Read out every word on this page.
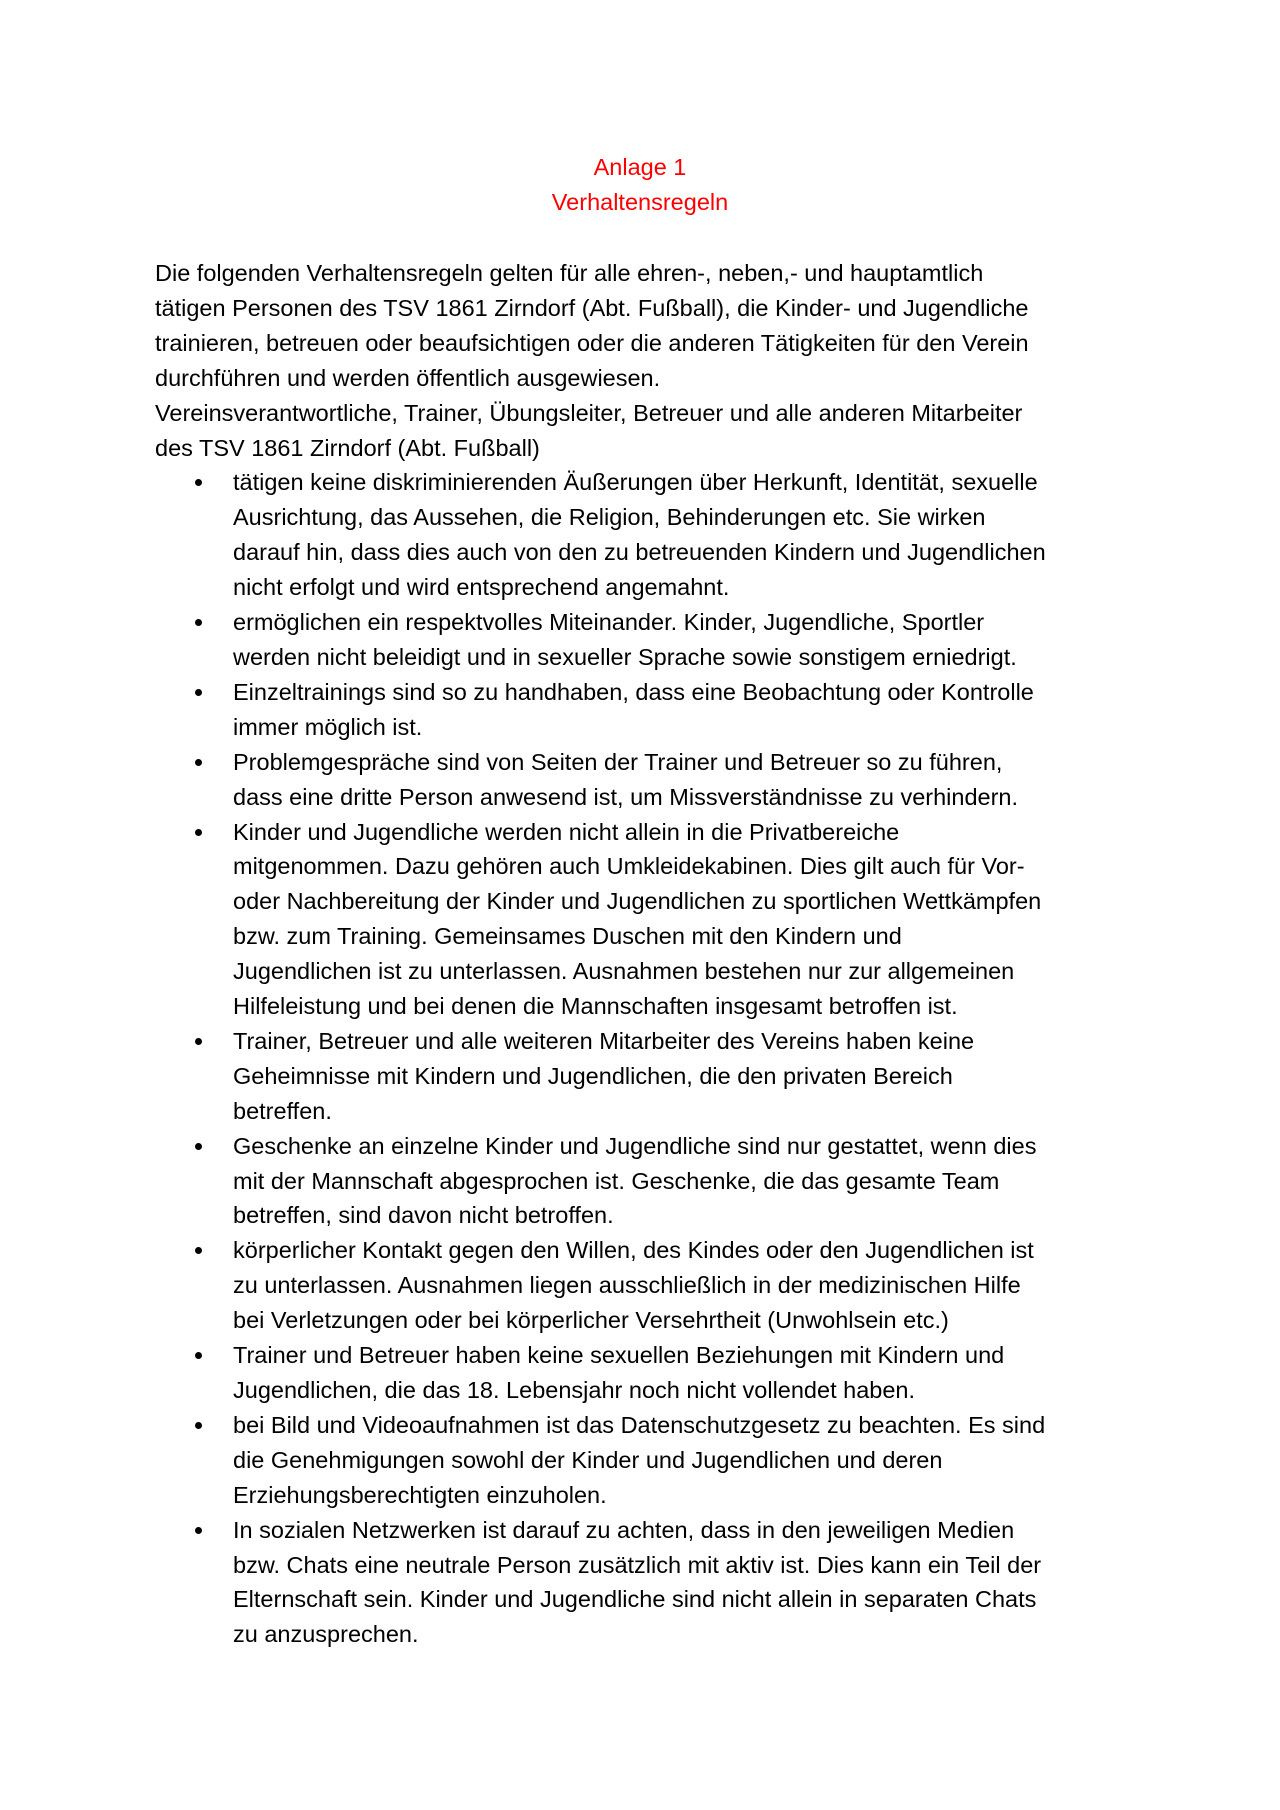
Anlage 1
Verhaltensregeln
Die folgenden Verhaltensregeln gelten für alle ehren-, neben,- und hauptamtlich
tätigen Personen des TSV 1861 Zirndorf (Abt. Fußball), die Kinder- und Jugendliche
trainieren, betreuen oder beaufsichtigen oder die anderen Tätigkeiten für den Verein
durchführen und werden öffentlich ausgewiesen.
Vereinsverantwortliche, Trainer, Übungsleiter, Betreuer und alle anderen Mitarbeiter
des TSV 1861 Zirndorf (Abt. Fußball)
tätigen keine diskriminierenden Äußerungen über Herkunft, Identität, sexuelle
Ausrichtung, das Aussehen, die Religion, Behinderungen etc. Sie wirken
darauf hin, dass dies auch von den zu betreuenden Kindern und Jugendlichen
nicht erfolgt und wird entsprechend angemahnt.
ermöglichen ein respektvolles Miteinander. Kinder, Jugendliche, Sportler
werden nicht beleidigt und in sexueller Sprache sowie sonstigem erniedrigt.
Einzeltrainings sind so zu handhaben, dass eine Beobachtung oder Kontrolle
immer möglich ist.
Problemgespräche sind von Seiten der Trainer und Betreuer so zu führen,
dass eine dritte Person anwesend ist, um Missverständnisse zu verhindern.
Kinder und Jugendliche werden nicht allein in die Privatbereiche
mitgenommen. Dazu gehören auch Umkleidekabinen. Dies gilt auch für Vor-
oder Nachbereitung der Kinder und Jugendlichen zu sportlichen Wettkämpfen
bzw. zum Training. Gemeinsames Duschen mit den Kindern und
Jugendlichen ist zu unterlassen. Ausnahmen bestehen nur zur allgemeinen
Hilfeleistung und bei denen die Mannschaften insgesamt betroffen ist.
Trainer, Betreuer und alle weiteren Mitarbeiter des Vereins haben keine
Geheimnisse mit Kindern und Jugendlichen, die den privaten Bereich
betreffen.
Geschenke an einzelne Kinder und Jugendliche sind nur gestattet, wenn dies
mit der Mannschaft abgesprochen ist. Geschenke, die das gesamte Team
betreffen, sind davon nicht betroffen.
körperlicher Kontakt gegen den Willen, des Kindes oder den Jugendlichen ist
zu unterlassen. Ausnahmen liegen ausschließlich in der medizinischen Hilfe
bei Verletzungen oder bei körperlicher Versehrtheit (Unwohlsein etc.)
Trainer und Betreuer haben keine sexuellen Beziehungen mit Kindern und
Jugendlichen, die das 18. Lebensjahr noch nicht vollendet haben.
bei Bild und Videoaufnahmen ist das Datenschutzgesetz zu beachten. Es sind
die Genehmigungen sowohl der Kinder und Jugendlichen und deren
Erziehungsberechtigten einzuholen.
In sozialen Netzwerken ist darauf zu achten, dass in den jeweiligen Medien
bzw. Chats eine neutrale Person zusätzlich mit aktiv ist. Dies kann ein Teil der
Elternschaft sein. Kinder und Jugendliche sind nicht allein in separaten Chats
zu anzusprechen.
